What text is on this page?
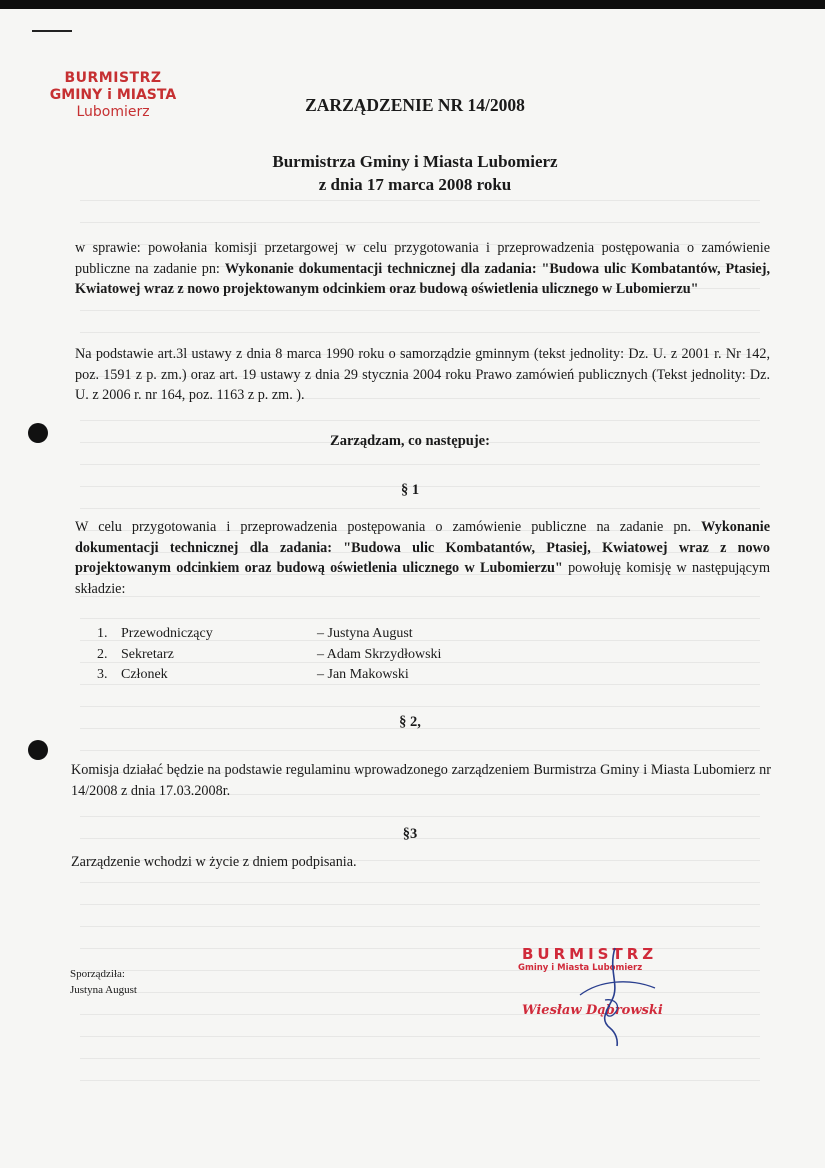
BURMISTRZ
GMINY i MIASTA
Lubomierz	ZARZĄDZENIE NR 14/2008
Burmistrza Gminy i Miasta Lubomierz
z dnia 17 marca 2008 roku
w sprawie: powołania komisji przetargowej w celu przygotowania i przeprowadzenia postępowania o zamówienie publiczne na zadanie pn: Wykonanie dokumentacji technicznej dla zadania: "Budowa ulic Kombatantów, Ptasiej, Kwiatowej wraz z nowo projektowanym odcinkiem oraz budową oświetlenia ulicznego w Lubomierzu"
Na podstawie art.3l ustawy z dnia 8 marca 1990 roku o samorządzie gminnym (tekst jednolity: Dz. U. z 2001 r. Nr 142, poz. 1591 z p. zm.) oraz art. 19 ustawy z dnia 29 stycznia 2004 roku Prawo zamówień publicznych (Tekst jednolity: Dz. U. z 2006 r. nr 164, poz. 1163 z p. zm. ).
Zarządzam, co następuje:
§ 1
W celu przygotowania i przeprowadzenia postępowania o zamówienie publiczne na zadanie pn. Wykonanie dokumentacji technicznej dla zadania: "Budowa ulic Kombatantów, Ptasiej, Kwiatowej wraz z nowo projektowanym odcinkiem oraz budową oświetlenia ulicznego w Lubomierzu" powołuję komisję w następującym składzie:
1. Przewodniczący	– Justyna August
2. Sekretarz	– Adam Skrzydłowski
3. Członek	– Jan Makowski
§ 2,
Komisja działać będzie na podstawie regulaminu wprowadzonego zarządzeniem Burmistrza Gminy i Miasta Lubomierz nr 14/2008 z dnia 17.03.2008r.
§3
Zarządzenie wchodzi w życie z dniem podpisania.
Sporządziła:
Justyna August
BURMISTRZ
Gminy i Miasta Lubomierz
Wiesław Dąbrowski
